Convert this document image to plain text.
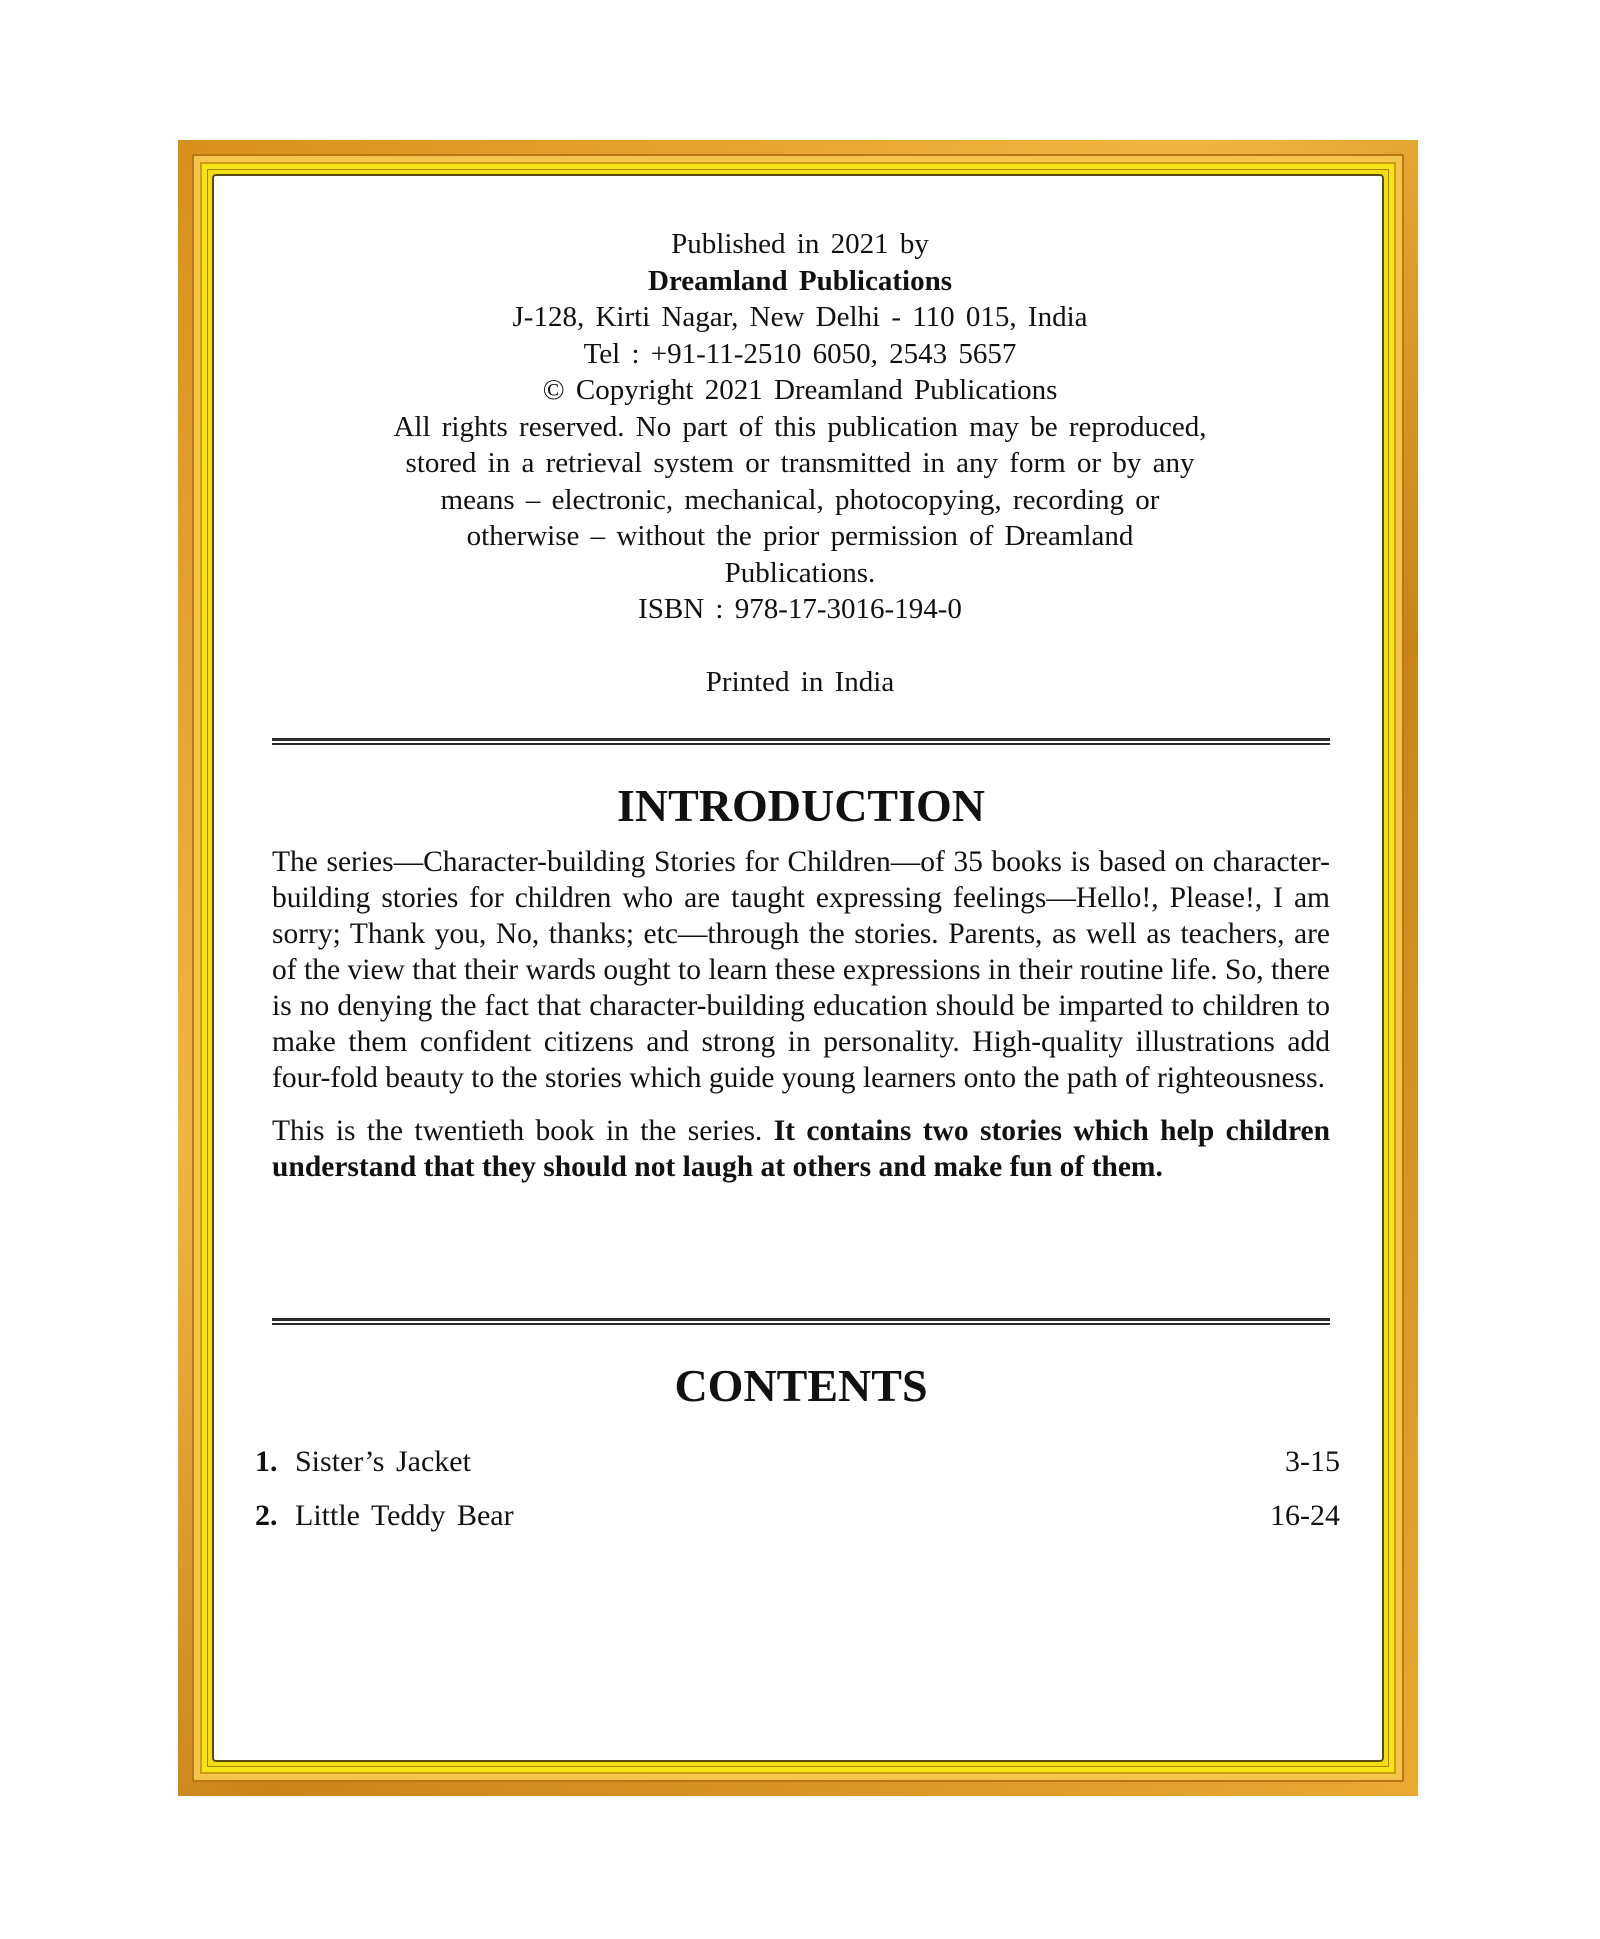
Published in 2021 by
Dreamland Publications
J-128, Kirti Nagar, New Delhi - 110 015, India
Tel : +91-11-2510 6050, 2543 5657
© Copyright 2021 Dreamland Publications
All rights reserved. No part of this publication may be reproduced, stored in a retrieval system or transmitted in any form or by any means – electronic, mechanical, photocopying, recording or otherwise – without the prior permission of Dreamland Publications.
ISBN : 978-17-3016-194-0
Printed in India
INTRODUCTION

The series—Character-building Stories for Children—of 35 books is based on character-building stories for children who are taught expressing feelings—Hello!, Please!, I am sorry; Thank you, No, thanks; etc—through the stories. Parents, as well as teachers, are of the view that their wards ought to learn these expressions in their routine life. So, there is no denying the fact that character-building education should be imparted to children to make them confident citizens and strong in personality. High-quality illustrations add four-fold beauty to the stories which guide young learners onto the path of righteousness.

This is the twentieth book in the series. It contains two stories which help children understand that they should not laugh at others and make fun of them.

CONTENTS
1. Sister’s Jacket	3-15
2. Little Teddy Bear	16-24
